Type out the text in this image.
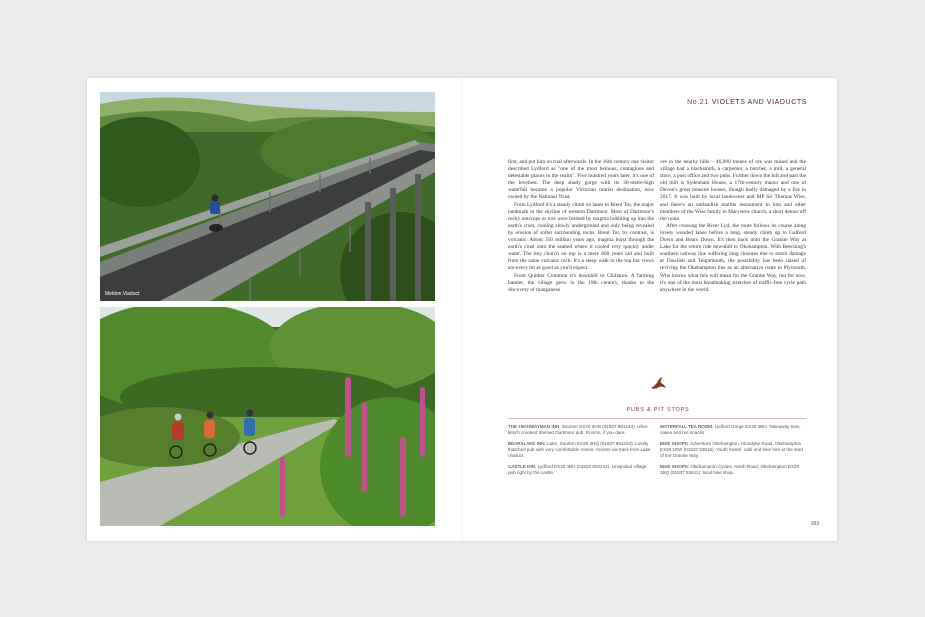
Meldon Viaduct
No.21 VIOLETS AND VIADUCTS

first, and put him on trial afterwards. In the 16th century one visitor described Lydford as "one of the most heinous, contagious and detestable places in the realm". Five hundred years later, it's one of the loveliest. The deep shady gorge with its 30-metre-high waterfall became a popular Victorian tourist destination, now owned by the National Trust.

From Lydford it's a steady climb on lanes to Brent Tor, the major landmark in the skyline of western Dartmoor. Most of Dartmoor's rocky outcrops or tors were formed by magma bubbling up into the earth's crust, cooling slowly underground and only being revealed by erosion of softer surrounding rocks. Brent Tor, by contrast, is volcanic. About 350 million years ago, magma burst through the earth's crust onto the seabed where it cooled very quickly under water. The tiny church on top is a mere 800 years old and built from the same volcanic rock. It's a steep walk to the top but views are every bit as good as you'd expect.

From Quither Common it's downhill to Chillaton. A farming hamlet, the village grew in the 19th century, thanks to the discovery of manganese

ore in the nearby hills – 46,000 tonnes of ore was mined and the village had a blacksmith, a carpenter, a butcher, a mill, a general store, a post office and two pubs. Further down the hill and past the old mill is Sydenham House, a 17th-century manor and one of Devon's great treasure houses, though badly damaged by a fire in 2017. It was built by local landowner and MP Sir Thomas Wise, and there's an outlandish marble monument to him and other members of the Wise family in Marystow church, a short detour off the route.

After crossing the River Lyd, the route follows its course along lovely wooded lanes before a long, steady climb up to Galford Down and Bears Down. It's then back onto the Granite Way at Lake for the return ride downhill to Okehampton. With Beeching's southern railway line suffering long closures due to storm damage at Dawlish and Teignmouth, the possibility has been raised of reviving the Okehampton line as an alternative route to Plymouth. Who knows what this will mean for the Granite Way, but for now, it's one of the most breathtaking stretches of traffic-free cycle path anywhere in the world.

PUBS & PIT STOPS
THE HIGHWAYMAN INN, Sourton EX20 4HN (01837 861243). Ultra-kitsch crooked themed Dartmoor pub. Rooms, if you dare.
BEARSLAKE INN, Lake, Sourton EX20 4HQ (01837 861334). Lovely thatched pub with very comfortable rooms. Access via track from Lake Viaduct.
CASTLE INN, Lydford EX20 4BH (01822 820242). Unspoiled village pub right by the castle.
WATERFALL TEA ROOM, Lydford Gorge EX20 4BH. Takeaway teas, cakes and hot snacks.
BIKE SHOPS: Adventure Okehampton, Klondyke Road, Okehampton EX20 1EW (01837 53916). Youth hostel, café and bike hire at the start of the Granite Way.
BIKE SHOPS: Okehampton Cycles, North Road, Okehampton EX20 1BQ (01837 53811): local bike shop.
183
